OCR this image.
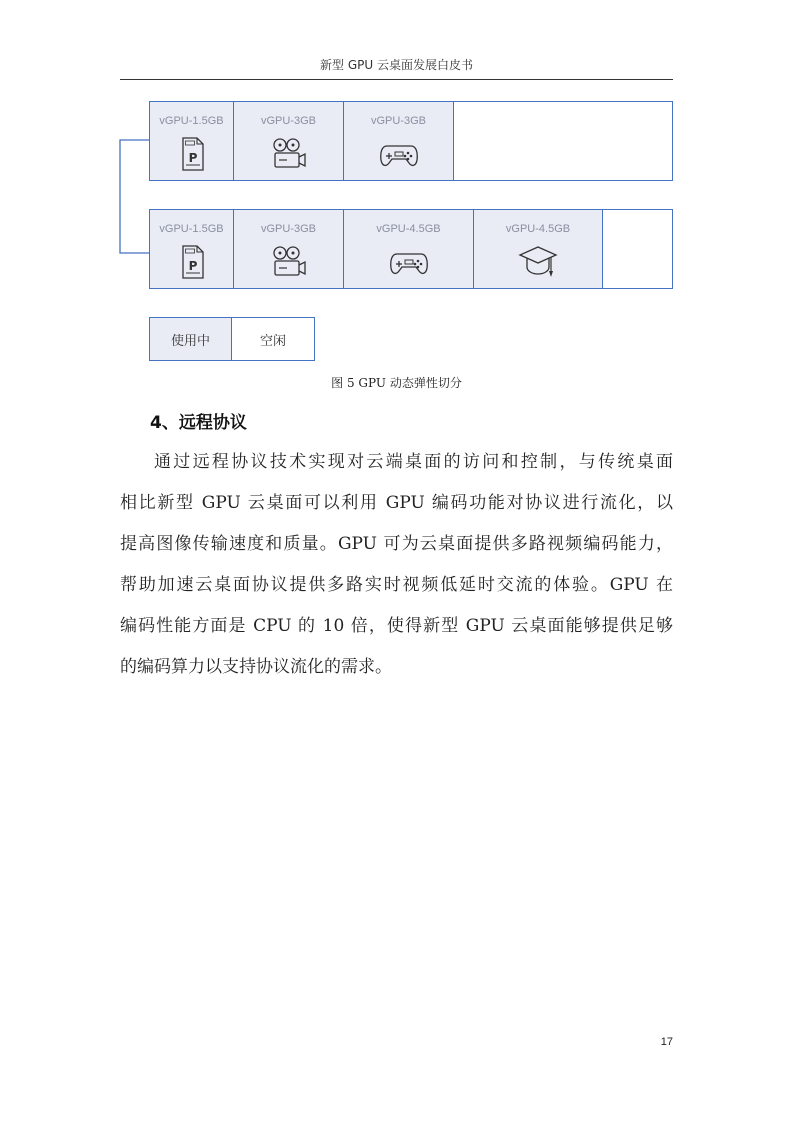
新型 GPU 云桌面发展白皮书
vGPU-1.5GB
P
vGPU-3GB	vGPU-3GB
vGPU-1.5GB
P
vGPU-3GB	vGPU-4.5GB	vGPU-4.5GB
使用中	空闲
图 5 GPU 动态弹性切分
4、远程协议
通过远程协议技术实现对云端桌面的访问和控制，与传统桌面
相比新型 GPU 云桌面可以利用 GPU 编码功能对协议进行流化，以
提高图像传输速度和质量。GPU 可为云桌面提供多路视频编码能力，
帮助加速云桌面协议提供多路实时视频低延时交流的体验。GPU 在
编码性能方面是 CPU 的 10 倍，使得新型 GPU 云桌面能够提供足够
的编码算力以支持协议流化的需求。
17
